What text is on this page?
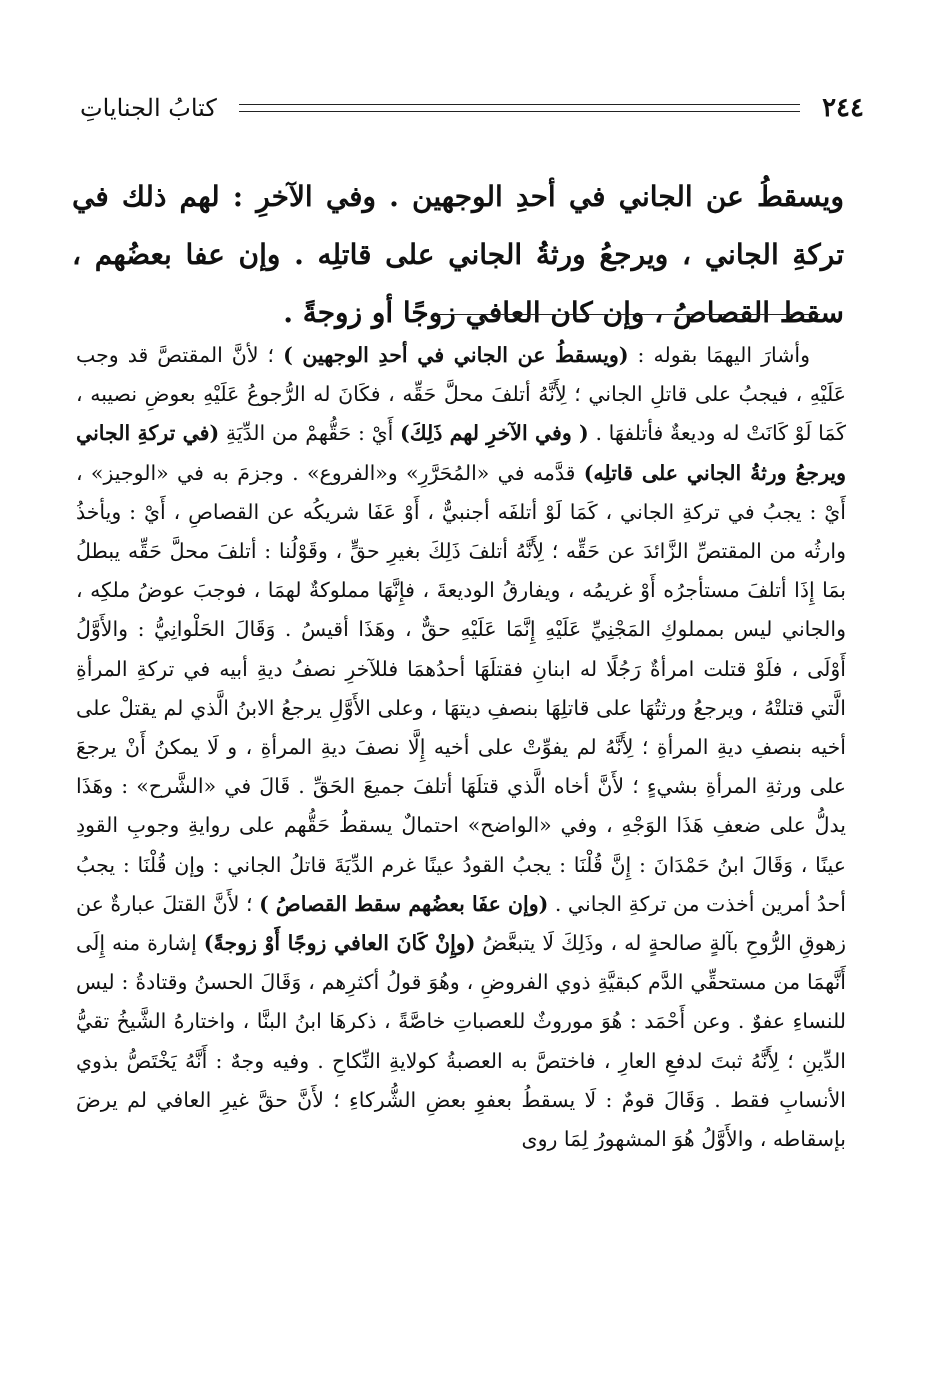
٢٤٤
كتابُ الجناياتِ

ويسقطُ عن الجاني في أحدِ الوجهين . وفي الآخرِ : لهم ذلك في تركةِ الجاني ، ويرجعُ ورثةُ الجاني على قاتلِه . وإن عفا بعضُهم ، سقط القصاصُ ، وإن كان العافي زوجًا أو زوجةً .

وأشارَ اليهمَا بقوله : (ويسقطُ عن الجاني في أحدِ الوجهين ) ؛ لأنَّ المقتصَّ قد وجب عَلَيْهِ ، فيجبُ على قاتلِ الجاني ؛ لِأَنَّهُ أتلفَ محلَّ حَقِّه ، فكَانَ له الرُّجوعُ عَلَيْهِ بعوضِ نصيبه ، كَمَا لَوْ كَانَتْ له وديعةٌ فأتلفهَا . ( وفي الآخرِ لهم ذَلِكَ) أَيْ : حَقُّهمْ من الدِّيَةِ (في تركةِ الجاني ويرجعُ ورثةُ الجاني على قاتلِه) قدَّمه في «المُحَرَّرِ» و«الفروع» . وجزمَ به في «الوجيز» ، أَيْ : يجبُ في تركةِ الجاني ، كَمَا لَوْ أتلفَه أجنبيٌّ ، أَوْ عَفَا شريكُه عن القصاصِ ، أَيْ : ويأخذُ وارثُه من المقتصِّ الزَّائدَ عن حَقِّه ؛ لِأَنَّهُ أتلفَ ذَلِكَ بغيرِ حقٍّ ، وقَوْلُنا : أتلفَ محلَّ حَقِّه يبطلُ بمَا إِذَا أتلفَ مستأجرُه أَوْ غريمُه ، ويفارقُ الوديعةَ ، فإِنَّهَا مملوكةٌ لهمَا ، فوجبَ عوضُ ملكِه ، والجاني ليس بمملوكِ المَجْنِيِّ عَلَيْهِ إِنَّمَا عَلَيْهِ حقٌّ ، وهَذَا أقيسُ . وَقَالَ الحَلْوانِيُّ : والأَوَّلُ أَوْلَى ، فلَوْ قتلت امرأةٌ رَجُلًا له ابنانِ فقتلَهَا أحدُهمَا فللآخرِ نصفُ ديةِ أبيه في تركةِ المرأةِ الَّتي قتلتْهُ ، ويرجعُ ورثتُهَا على قاتلِهَا بنصفِ ديتهَا ، وعلى الأَوَّلِ يرجعُ الابنُ الَّذي لم يقتلْ على أخيه بنصفِ ديةِ المرأةِ ؛ لِأَنَّهُ لم يفوِّتْ على أخيه إِلَّا نصفَ ديةِ المرأةِ ، و لَا يمكنُ أَنْ يرجعَ على ورثةِ المرأةِ بشيءٍ ؛ لأَنَّ أخاه الَّذي قتلَهَا أتلفَ جميعَ الحَقِّ . قَالَ في «الشَّرح» : وهَذَا يدلُّ على ضعفِ هَذَا الوَجْهِ ، وفي «الواضح» احتمالٌ يسقطُ حَقُّهم على روايةِ وجوبِ القودِ عينًا ، وَقَالَ ابنُ حَمْدَانَ : إِنَّ قُلْنَا : يجبُ القودُ عينًا غرم الدِّيَةَ قاتلُ الجاني : وإن قُلْنَا : يجبُ أحدُ أمرين أخذت من تركةِ الجاني . (وإن عفَا بعضُهم سقط القصاصُ ) ؛ لأَنَّ القتلَ عبارةٌ عن زهوقِ الرُّوحِ بآلةٍ صالحةٍ له ، وذَلِكَ لَا يتبعَّضُ (وإِنْ كَانَ العافي زوجًا أَوْ زوجةً) إشارة منه إِلَى أَنَّهمَا من مستحقِّي الدَّم كبقيَّةِ ذوي الفروضِ ، وهُوَ قولُ أكثرِهم ، وَقَالَ الحسنُ وقتادةُ : ليس للنساءِ عفوٌ . وعن أَحْمَد : هُوَ موروثٌ للعصباتِ خاصَّةً ، ذكرهَا ابنُ البنَّا ، واختارهُ الشَّيخُ تقيُّ الدِّينِ ؛ لِأَنَّهُ ثبتَ لدفعِ العارِ ، فاختصَّ به العصبةُ كولايةِ النِّكاحِ . وفيه وجهٌ : أَنَّهُ يَخْتَصُّ بذوي الأنسابِ فقط . وَقَالَ قومٌ : لَا يسقطُ بعفوِ بعضِ الشُّركاءِ ؛ لأَنَّ حقَّ غيرِ العافي لم يرضَ بإسقاطه ، والأَوَّلُ هُوَ المشهورُ لِمَا روى
